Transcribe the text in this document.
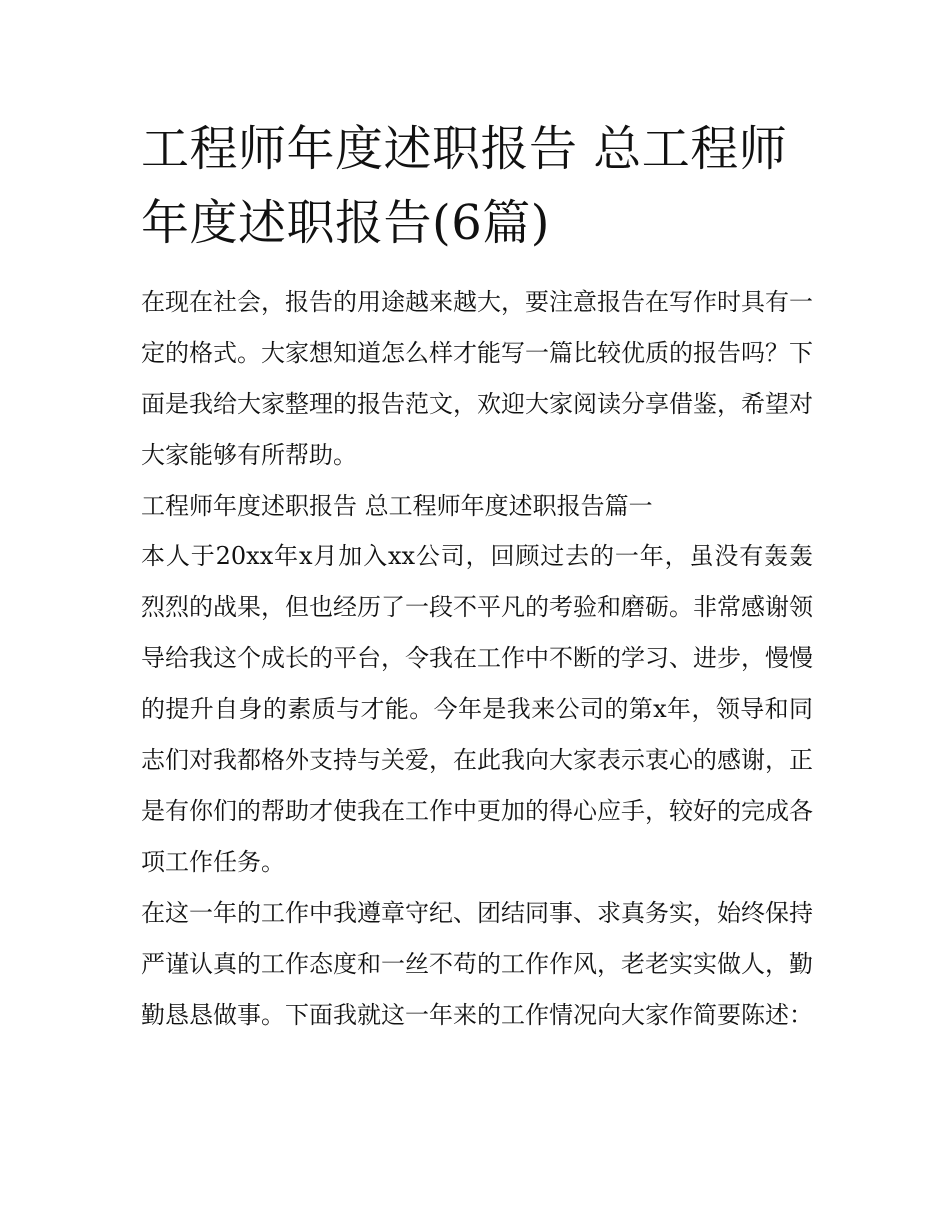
工程师年度述职报告 总工程师年度述职报告(6篇)

在现在社会，报告的用途越来越大，要注意报告在写作时具有一定的格式。大家想知道怎么样才能写一篇比较优质的报告吗？下面是我给大家整理的报告范文，欢迎大家阅读分享借鉴，希望对大家能够有所帮助。

工程师年度述职报告 总工程师年度述职报告篇一

本人于20xx年x月加入xx公司，回顾过去的一年，虽没有轰轰烈烈的战果，但也经历了一段不平凡的考验和磨砺。非常感谢领导给我这个成长的平台，令我在工作中不断的学习、进步，慢慢的提升自身的素质与才能。今年是我来公司的第x年，领导和同志们对我都格外支持与关爱，在此我向大家表示衷心的感谢，正是有你们的帮助才使我在工作中更加的得心应手，较好的完成各项工作任务。

在这一年的工作中我遵章守纪、团结同事、求真务实，始终保持严谨认真的工作态度和一丝不苟的工作作风，老老实实做人，勤勤恳恳做事。下面我就这一年来的工作情况向大家作简要陈述：
